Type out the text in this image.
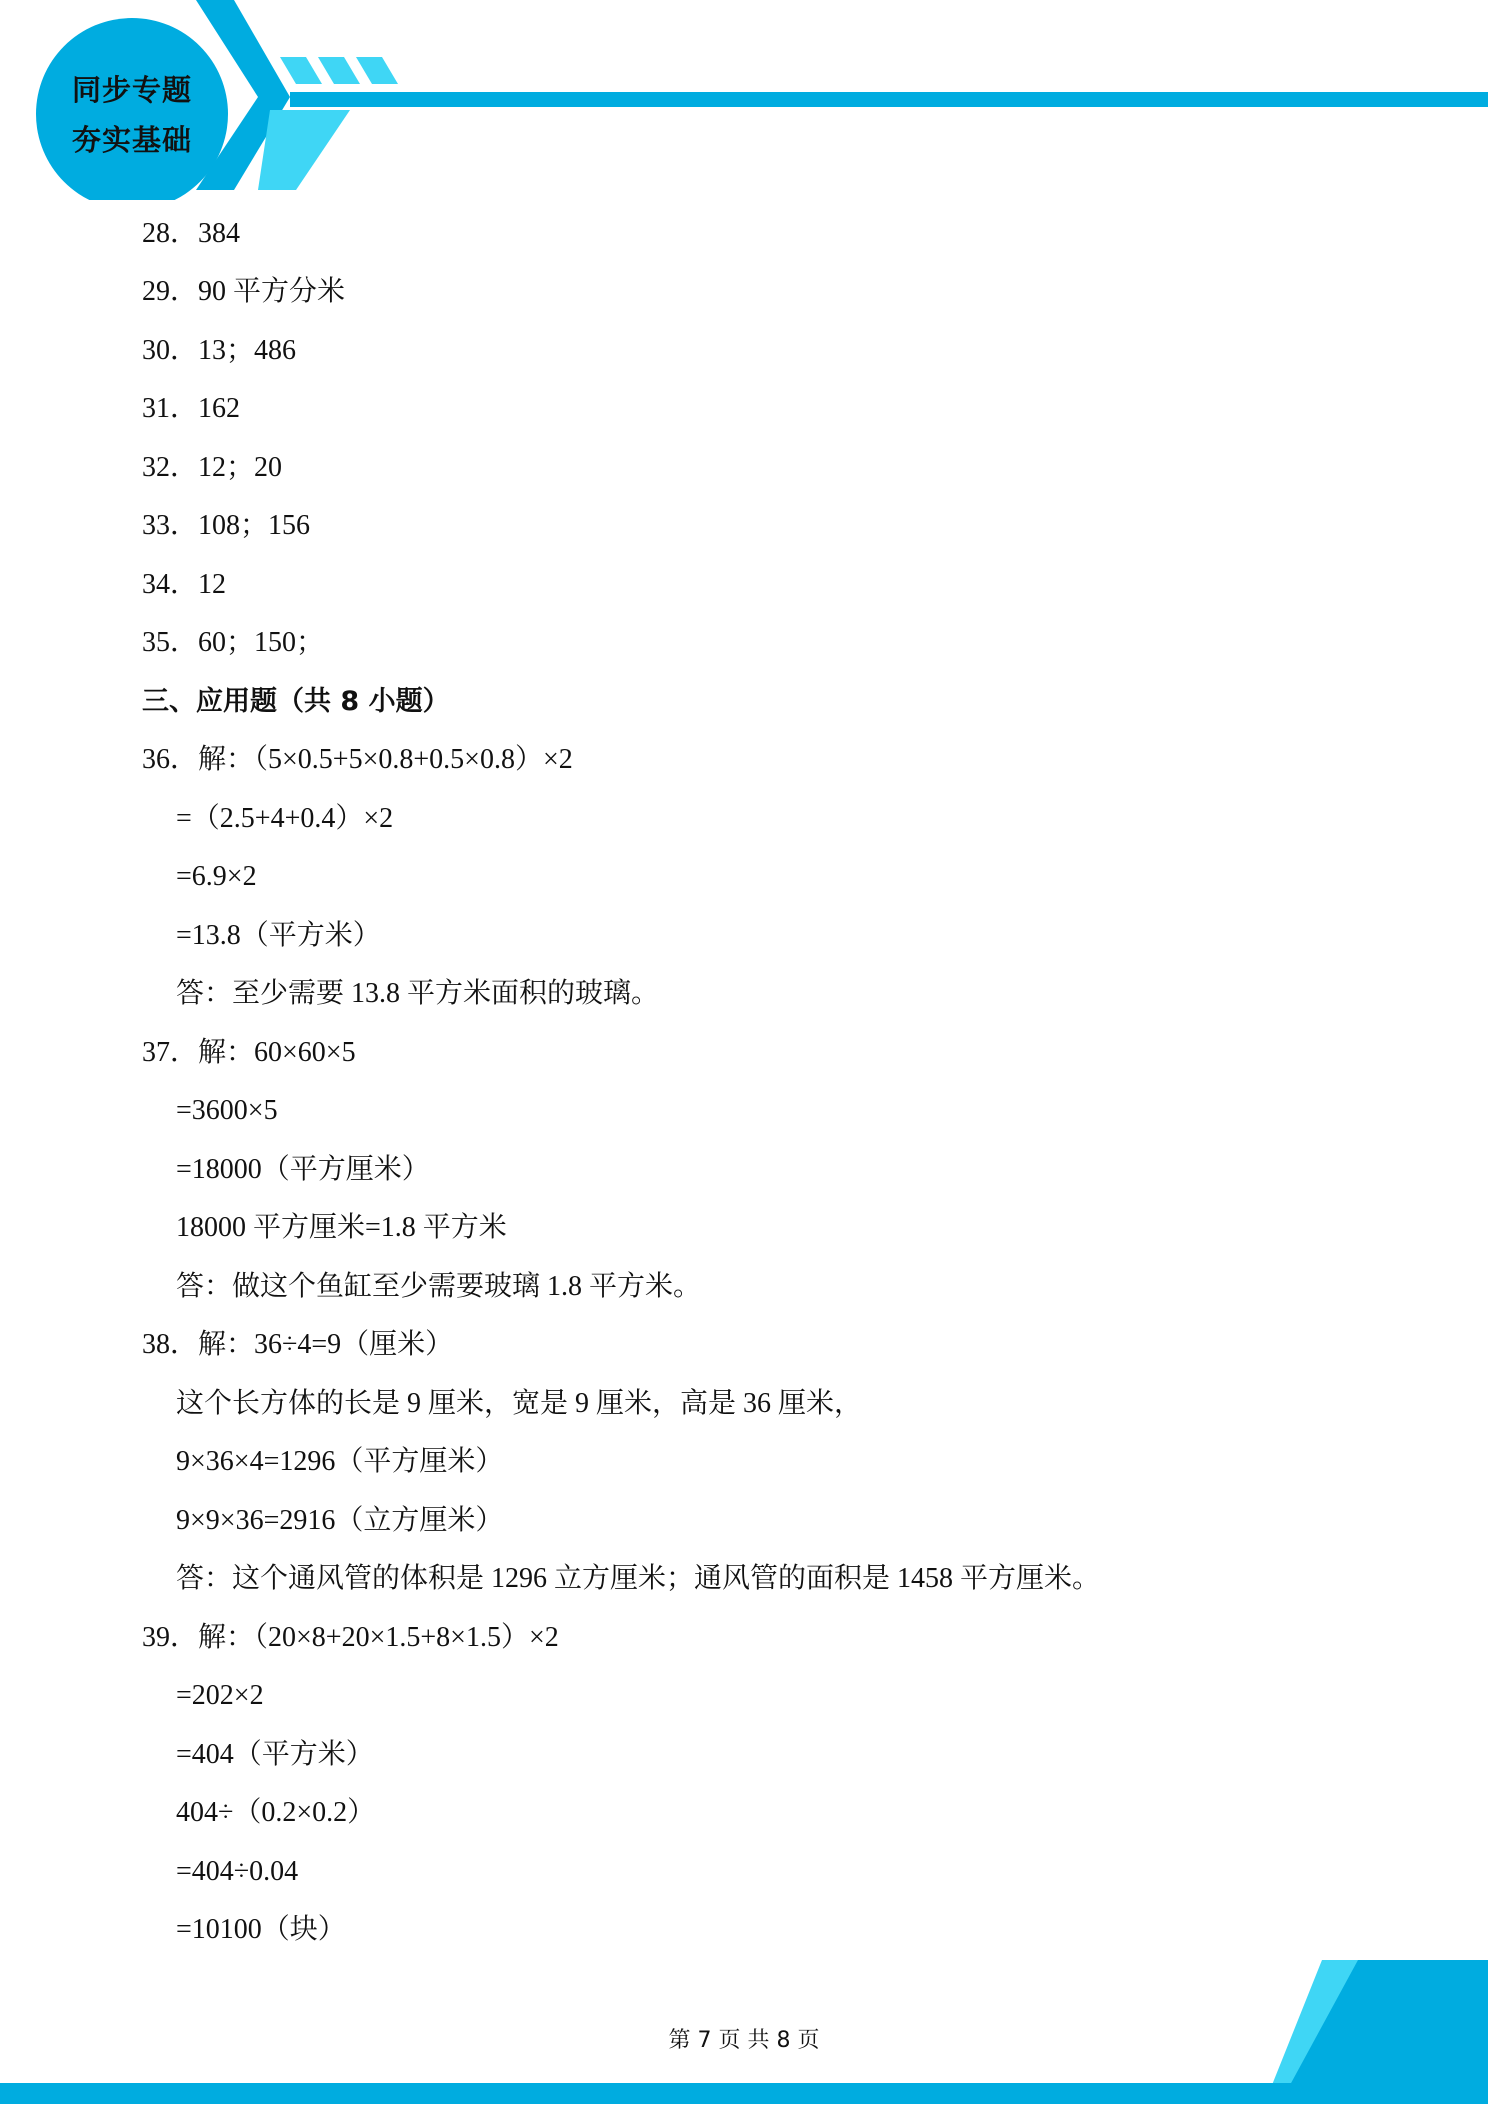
同步专题
夯实基础
28．384
29．90 平方分米
30．13；486
31．162
32．12；20
33．108；156
34．12
35．60；150；
三、应用题（共 8 小题）
36．解：（5×0.5+5×0.8+0.5×0.8）×2
=（2.5+4+0.4）×2
=6.9×2
=13.8（平方米）
答：至少需要 13.8 平方米面积的玻璃。
37．解：60×60×5
=3600×5
=18000（平方厘米）
18000 平方厘米=1.8 平方米
答：做这个鱼缸至少需要玻璃 1.8 平方米。
38．解：36÷4=9（厘米）
这个长方体的长是 9 厘米，宽是 9 厘米，高是 36 厘米，
9×36×4=1296（平方厘米）
9×9×36=2916（立方厘米）
答：这个通风管的体积是 1296 立方厘米；通风管的面积是 1458 平方厘米。
39．解：（20×8+20×1.5+8×1.5）×2
=202×2
=404（平方米）
404÷（0.2×0.2）
=404÷0.04
=10100（块）
第 7 页 共 8 页
